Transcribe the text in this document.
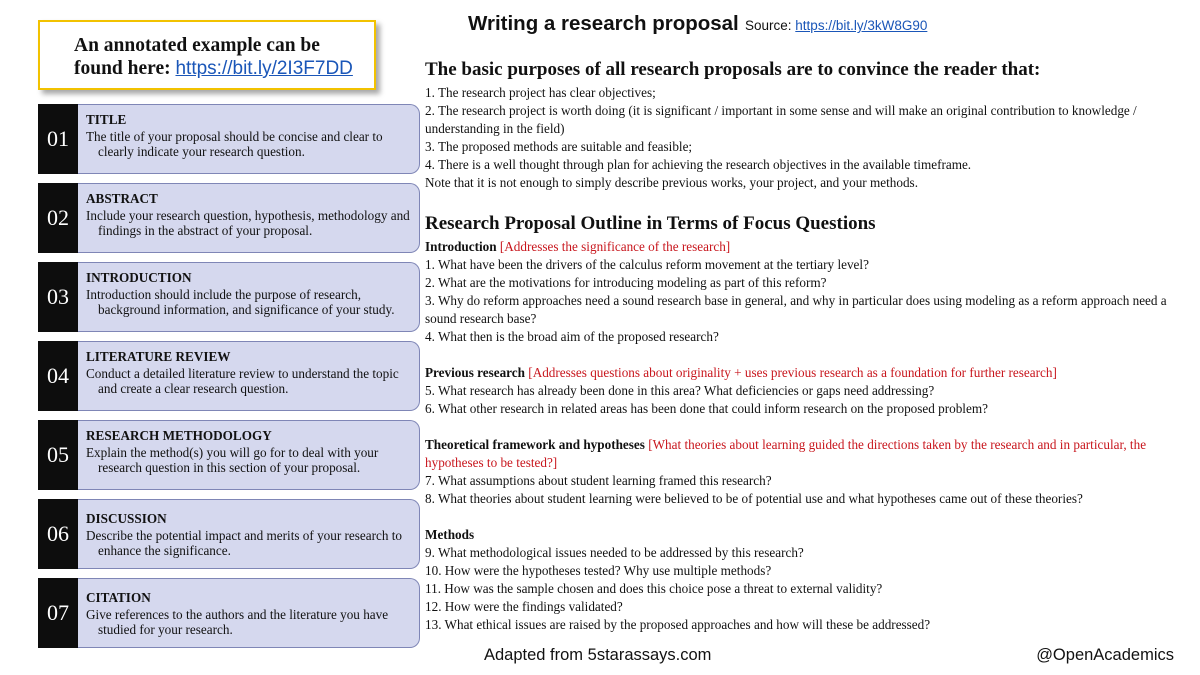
An annotated example can be found here: https://bit.ly/2I3F7DD
01
TITLE
The title of your proposal should be concise and clear to clearly indicate your research question.
02
ABSTRACT
Include your research question, hypothesis, methodology and findings in the abstract of your proposal.
03
INTRODUCTION
Introduction should include the purpose of research, background information, and significance of your study.
04
LITERATURE REVIEW
Conduct a detailed literature review to understand the topic and create a clear research question.
05
RESEARCH METHODOLOGY
Explain the method(s) you will go for to deal with your research question in this section of your proposal.
06
DISCUSSION
Describe the potential impact and merits of your research to enhance the significance.
07
CITATION
Give references to the authors and the literature you have studied for your research.
Writing a research proposal Source: https://bit.ly/3kW8G90
The basic purposes of all research proposals are to convince the reader that:

1. The research project has clear objectives;

2. The research project is worth doing (it is significant / important in some sense and will make an original contribution to knowledge / understanding in the field)

3. The proposed methods are suitable and feasible;

4. There is a well thought through plan for achieving the research objectives in the available timeframe.

Note that it is not enough to simply describe previous works, your project, and your methods.

Research Proposal Outline in Terms of Focus Questions

Introduction [Addresses the significance of the research]

1. What have been the drivers of the calculus reform movement at the tertiary level?

2. What are the motivations for introducing modeling as part of this reform?

3. Why do reform approaches need a sound research base in general, and why in particular does using modeling as a reform approach need a sound research base?

4. What then is the broad aim of the proposed research?

Previous research [Addresses questions about originality + uses previous research as a foundation for further research]

5. What research has already been done in this area? What deficiencies or gaps need addressing?

6. What other research in related areas has been done that could inform research on the proposed problem?

Theoretical framework and hypotheses [What theories about learning guided the directions taken by the research and in particular, the hypotheses to be tested?]

7. What assumptions about student learning framed this research?

8. What theories about student learning were believed to be of potential use and what hypotheses came out of these theories?

Methods

9. What methodological issues needed to be addressed by this research?

10. How were the hypotheses tested? Why use multiple methods?

11. How was the sample chosen and does this choice pose a threat to external validity?

12. How were the findings validated?

13. What ethical issues are raised by the proposed approaches and how will these be addressed?

Adapted from 5starassays.com	@OpenAcademics
